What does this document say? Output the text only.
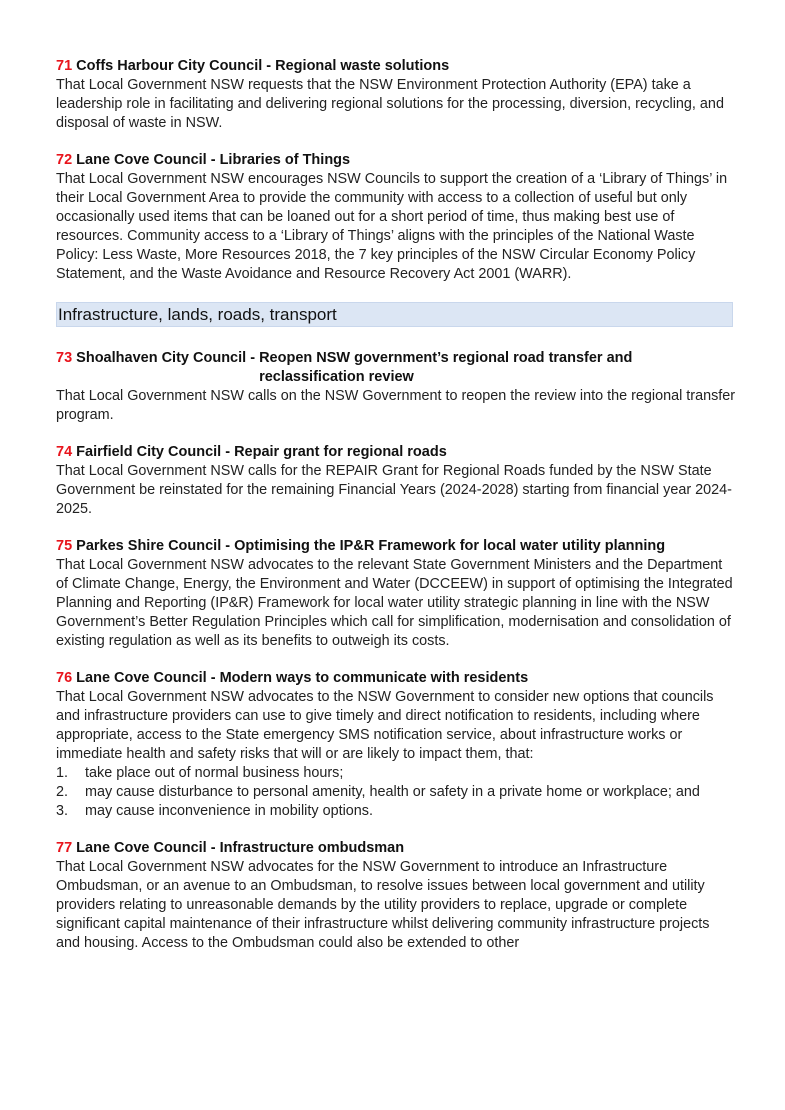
71 Coffs Harbour City Council - Regional waste solutions

That Local Government NSW requests that the NSW Environment Protection Authority (EPA) take a leadership role in facilitating and delivering regional solutions for the processing, diversion, recycling, and disposal of waste in NSW.

72 Lane Cove Council - Libraries of Things

That Local Government NSW encourages NSW Councils to support the creation of a ‘Library of Things’ in their Local Government Area to provide the community with access to a collection of useful but only occasionally used items that can be loaned out for a short period of time, thus making best use of resources. Community access to a ‘Library of Things’ aligns with the principles of the National Waste Policy: Less Waste, More Resources 2018, the 7 key principles of the NSW Circular Economy Policy Statement, and the Waste Avoidance and Resource Recovery Act 2001 (WARR).

Infrastructure, lands, roads, transport
73 Shoalhaven City Council - Reopen NSW government’s regional road transfer and reclassification review

That Local Government NSW calls on the NSW Government to reopen the review into the regional transfer program.

74 Fairfield City Council - Repair grant for regional roads

That Local Government NSW calls for the REPAIR Grant for Regional Roads funded by the NSW State Government be reinstated for the remaining Financial Years (2024-2028) starting from financial year 2024-2025.

75 Parkes Shire Council - Optimising the IP&R Framework for local water utility planning

That Local Government NSW advocates to the relevant State Government Ministers and the Department of Climate Change, Energy, the Environment and Water (DCCEEW) in support of optimising the Integrated Planning and Reporting (IP&R) Framework for local water utility strategic planning in line with the NSW Government’s Better Regulation Principles which call for simplification, modernisation and consolidation of existing regulation as well as its benefits to outweigh its costs.

76 Lane Cove Council - Modern ways to communicate with residents

That Local Government NSW advocates to the NSW Government to consider new options that councils and infrastructure providers can use to give timely and direct notification to residents, including where appropriate, access to the State emergency SMS notification service, about infrastructure works or immediate health and safety risks that will or are likely to impact them, that:

1.	take place out of normal business hours;
2.	may cause disturbance to personal amenity, health or safety in a private home or workplace; and
3.	may cause inconvenience in mobility options.

77 Lane Cove Council - Infrastructure ombudsman

That Local Government NSW advocates for the NSW Government to introduce an Infrastructure Ombudsman, or an avenue to an Ombudsman, to resolve issues between local government and utility providers relating to unreasonable demands by the utility providers to replace, upgrade or complete significant capital maintenance of their infrastructure whilst delivering community infrastructure projects and housing. Access to the Ombudsman could also be extended to other
